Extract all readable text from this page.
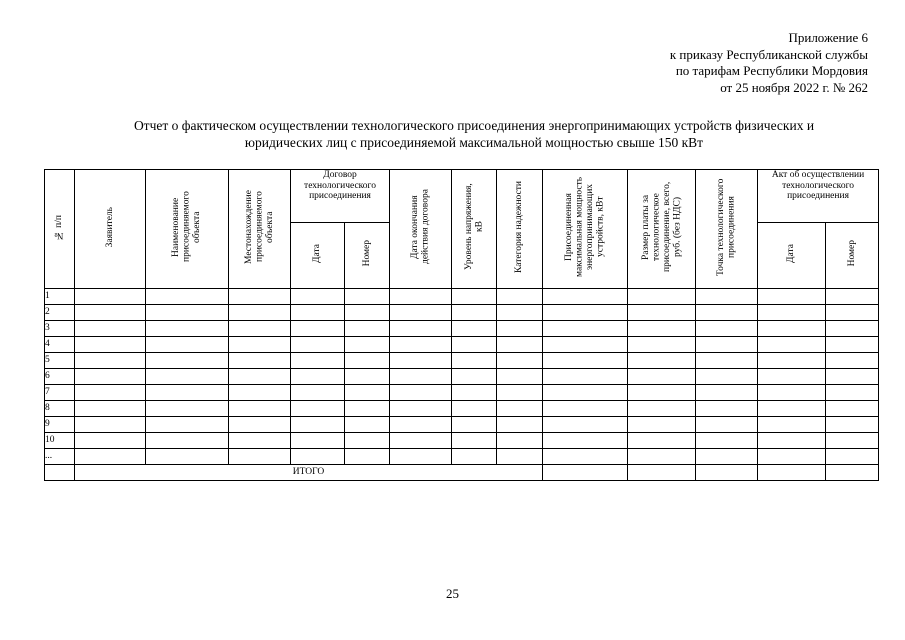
Приложение 6
к приказу Республиканской службы
по тарифам Республики Мордовия
от 25 ноября 2022 г. № 262
Отчет о фактическом осуществлении технологического присоединения энергопринимающих устройств физических и
юридических лиц с присоединяемой максимальной мощностью свыше 150 кВт
№ п/п	Заявитель	Наименование присоединяемого объекта	Местонахождение присоединяемого объекта	Договор технологического присоединения		Дата окончания действия договора	Уровень напряжения, кВ	Категория надежности	Присоединенная максимальная мощность энергопринимающих устройств, кВт	Размер платы за технологическое присоединение, всего, руб. (без НДС)	Точка технологического присоединения	Акт об осуществлении технологического присоединения	
				Дата	Номер							Дата	Номер
1													
2													
3													
4													
5													
6													
7													
8													
9													
10													
...													
	ИТОГО												
25
